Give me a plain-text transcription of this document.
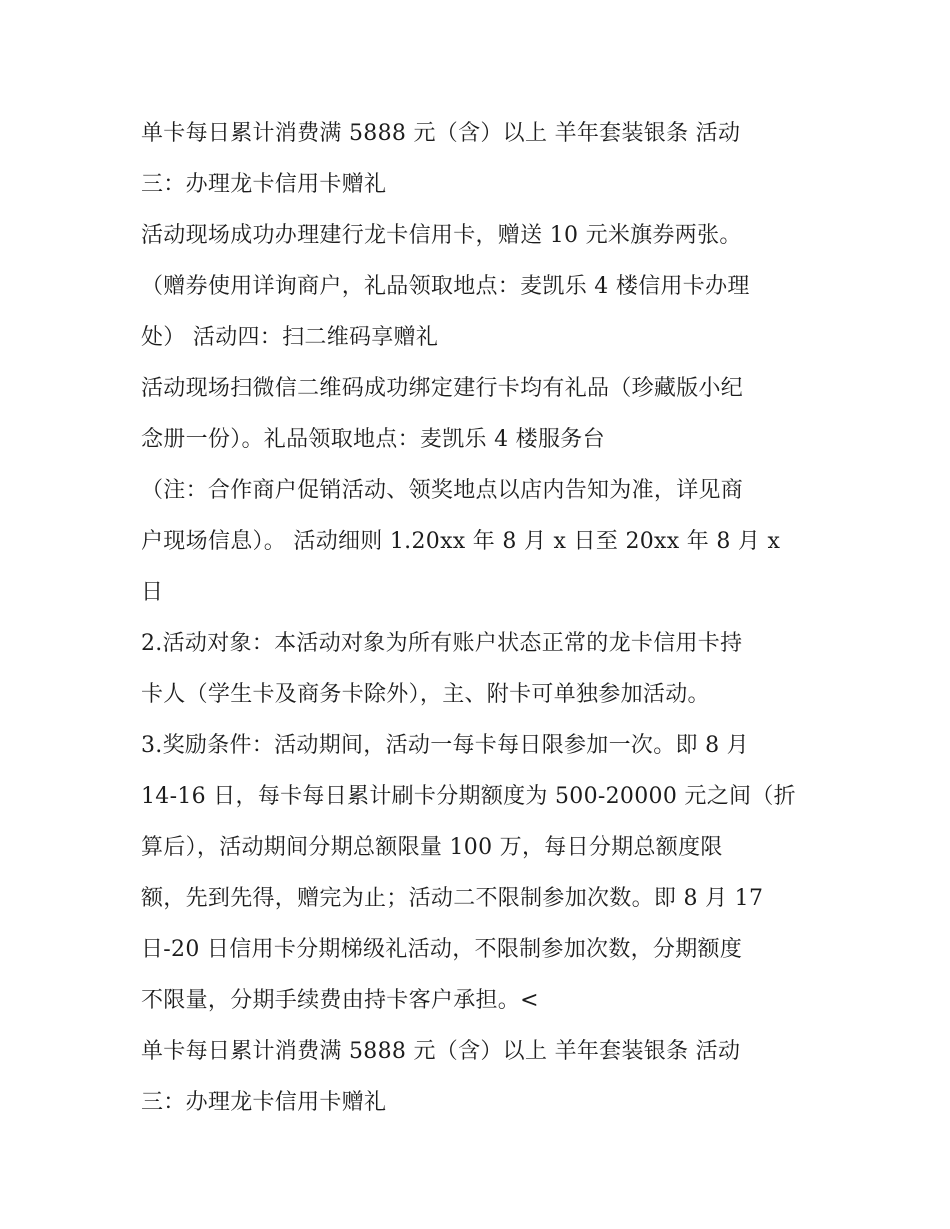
单卡每日累计消费满 5888 元（含）以上 羊年套装银条 活动
三：办理龙卡信用卡赠礼
活动现场成功办理建行龙卡信用卡，赠送 10 元米旗券两张。
（赠券使用详询商户，礼品领取地点：麦凯乐 4 楼信用卡办理
处） 活动四：扫二维码享赠礼
活动现场扫微信二维码成功绑定建行卡均有礼品（珍藏版小纪
念册一份）。礼品领取地点：麦凯乐 4 楼服务台
（注：合作商户促销活动、领奖地点以店内告知为准，详见商
户现场信息）。 活动细则 1.20xx 年 8 月 x 日至 20xx 年 8 月 x
日
2.活动对象：本活动对象为所有账户状态正常的龙卡信用卡持
卡人（学生卡及商务卡除外），主、附卡可单独参加活动。
3.奖励条件：活动期间，活动一每卡每日限参加一次。即 8 月
14-16 日，每卡每日累计刷卡分期额度为 500-20000 元之间（折
算后），活动期间分期总额限量 100 万，每日分期总额度限
额，先到先得，赠完为止；活动二不限制参加次数。即 8 月 17
日-20 日信用卡分期梯级礼活动，不限制参加次数，分期额度
不限量，分期手续费由持卡客户承担。<
单卡每日累计消费满 5888 元（含）以上 羊年套装银条 活动
三：办理龙卡信用卡赠礼
